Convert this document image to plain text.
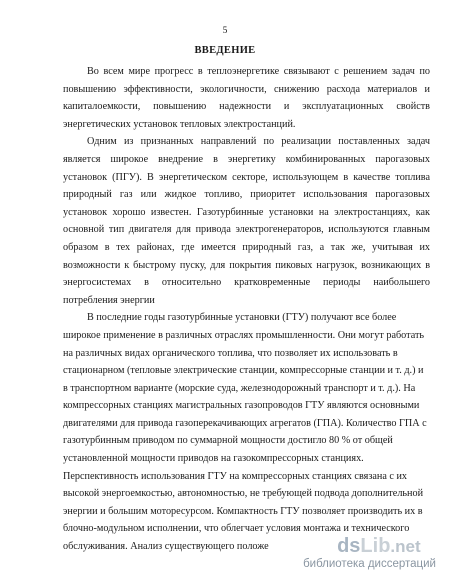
5
ВВЕДЕНИЕ

Во всем мире прогресс в теплоэнергетике связывают с решением задач по повышению эффективности, экологичности, снижению расхода материалов и капиталоемкости, повышению надежности и эксплуатационных свойств энергетических установок тепловых электростанций.

Одним из признанных направлений по реализации поставленных задач является широкое внедрение в энергетику комбинированных парогазовых установок (ПГУ). В энергетическом секторе, использующем в качестве топлива природный газ или жидкое топливо, приоритет использования парогазовых установок хорошо известен. Газотурбинные установки на электростанциях, как основной тип двигателя для привода электрогенераторов, используются главным образом в тех районах, где имеется природный газ, а так же, учитывая их возможности к быстрому пуску, для покрытия пиковых нагрузок, возникающих в энергосистемах в относительно кратковременные периоды наибольшего потребления энергии

В последние годы газотурбинные установки (ГТУ) получают все более широкое применение в различных отраслях промышленности. Они могут работать на различных видах органического топлива, что позволяет их использовать в стационарном (тепловые электрические станции, компрессорные станции и т. д.) и в транспортном варианте (морские суда, железнодорожный транспорт и т. д.). На компрессорных станциях магистральных газопроводов ГТУ являются основными двигателями для привода газоперекачивающих агрегатов (ГПА). Количество ГПА с газотурбинным приводом по суммарной мощности достигло 80 % от общей установленной мощности приводов на газокомпрессорных станциях. Перспективность использования ГТУ на компрессорных станциях связана с их высокой энергоемкостью, автономностью, не требующей подвода дополнительной энергии и большим моторесурсом. Компактность ГТУ позволяет производить их в блочно-модульном исполнении, что облегчает условия монтажа и технического обслуживания. Анализ существующего положе	ds Lib .net
библиотека диссертаций
